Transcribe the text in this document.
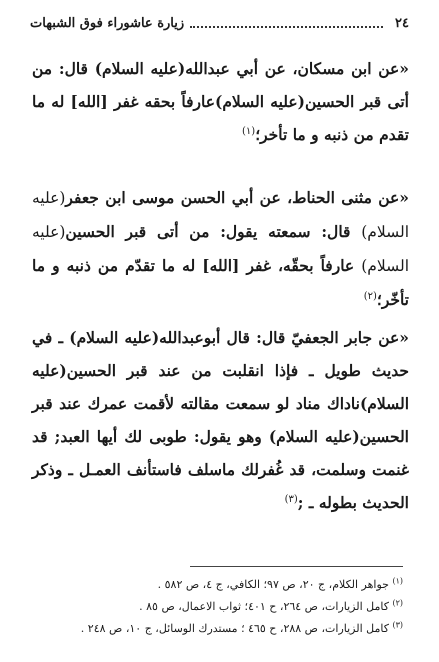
٢٤
زيارة عاشوراء فوق الشبهات

«عن ابن مسكان، عن أبي عبدالله(عليه السلام) قال: من أتى قبر الحسين(عليه السلام)عارفاً بحقه غفر [الله] له ما تقدم من ذنبه و ما تأخر؛$^{(١)}$

«عن مثنى الحناط، عن أبي الحسن موسى ابن جعفر(عليه السلام) قال: سمعته يقول: من أتى قبر الحسين(عليه السلام) عارفاً بحقّه، غفر [الله] له ما تقدّم من ذنبه و ما تأخّر؛$^{(٢)}$

«عن جابر الجعفيّ قال: قال أبوعبدالله(عليه السلام) ـ في حديث طويل ـ فإذا انقلبت من عند قبر الحسين(عليه السلام)ناداك مناد لو سمعت مقالته لأقمت عمرك عند قبر الحسين(عليه السلام) وهو يقول: طوبى لك أيها العبد; قد غنمت وسلمت، قد غُفرلك ماسلف فاستأنف العمـل ـ وذكر الحديث بطوله ـ ;$^{(٣)}$

$^{(١)}$ جواهر الكلام، ج ٢٠، ص ٩٧؛ الكافي، ج ٤، ص ٥٨٢ .

$^{(٢)}$ كامل الزيارات، ص ٢٦٤، ح ٤٠١؛ ثواب الاعمال، ص ٨٥ .

$^{(٣)}$ كامل الزيارات، ص ٢٨٨، ح ٤٦٥ ؛ مستدرك الوسائل، ج ١٠، ص ٢٤٨ .
